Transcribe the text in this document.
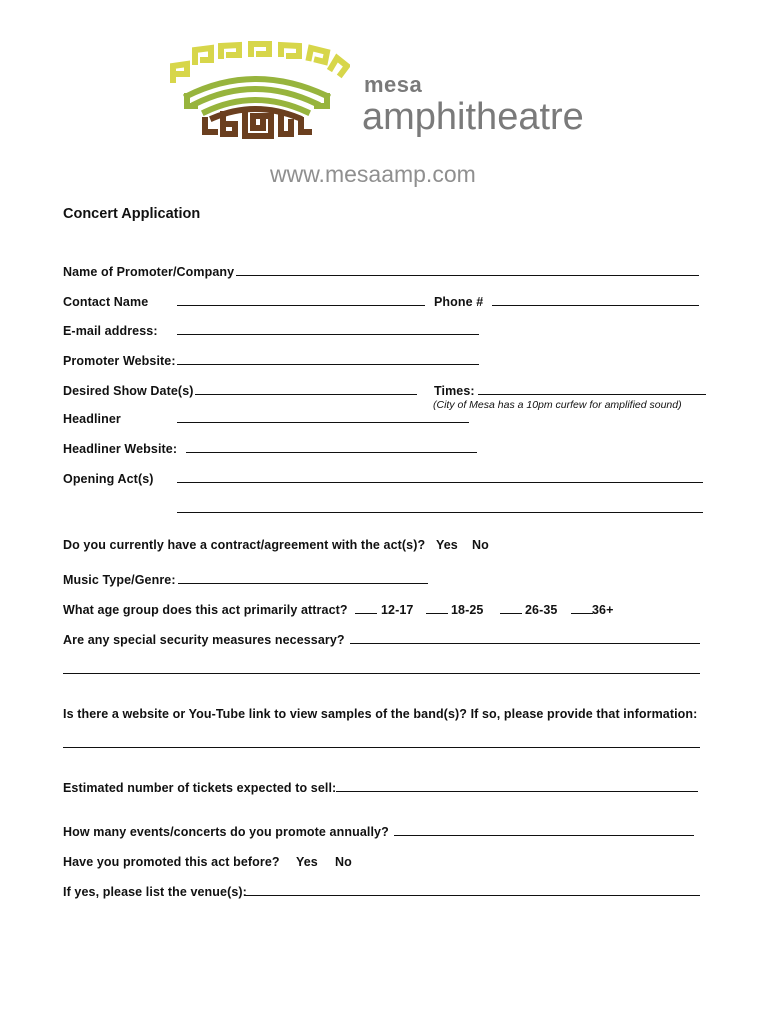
mesa
amphitheatre
www.mesaamp.com
Concert Application
Name of Promoter/Company
Contact Name	Phone #
E-mail address:
Promoter Website:
Desired Show Date(s)	Times:
(City of Mesa has a 10pm curfew for amplified sound)
Headliner
Headliner Website:
Opening Act(s)
Do you currently have a contract/agreement with the act(s)? Yes No
Music Type/Genre:
What age group does this act primarily attract?	12-17	18-25	26-35	36+
Are any special security measures necessary?
Is there a website or You-Tube link to view samples of the band(s)? If so, please provide that information:
Estimated number of tickets expected to sell:
How many events/concerts do you promote annually?
Have you promoted this act before? Yes No
If yes, please list the venue(s):
